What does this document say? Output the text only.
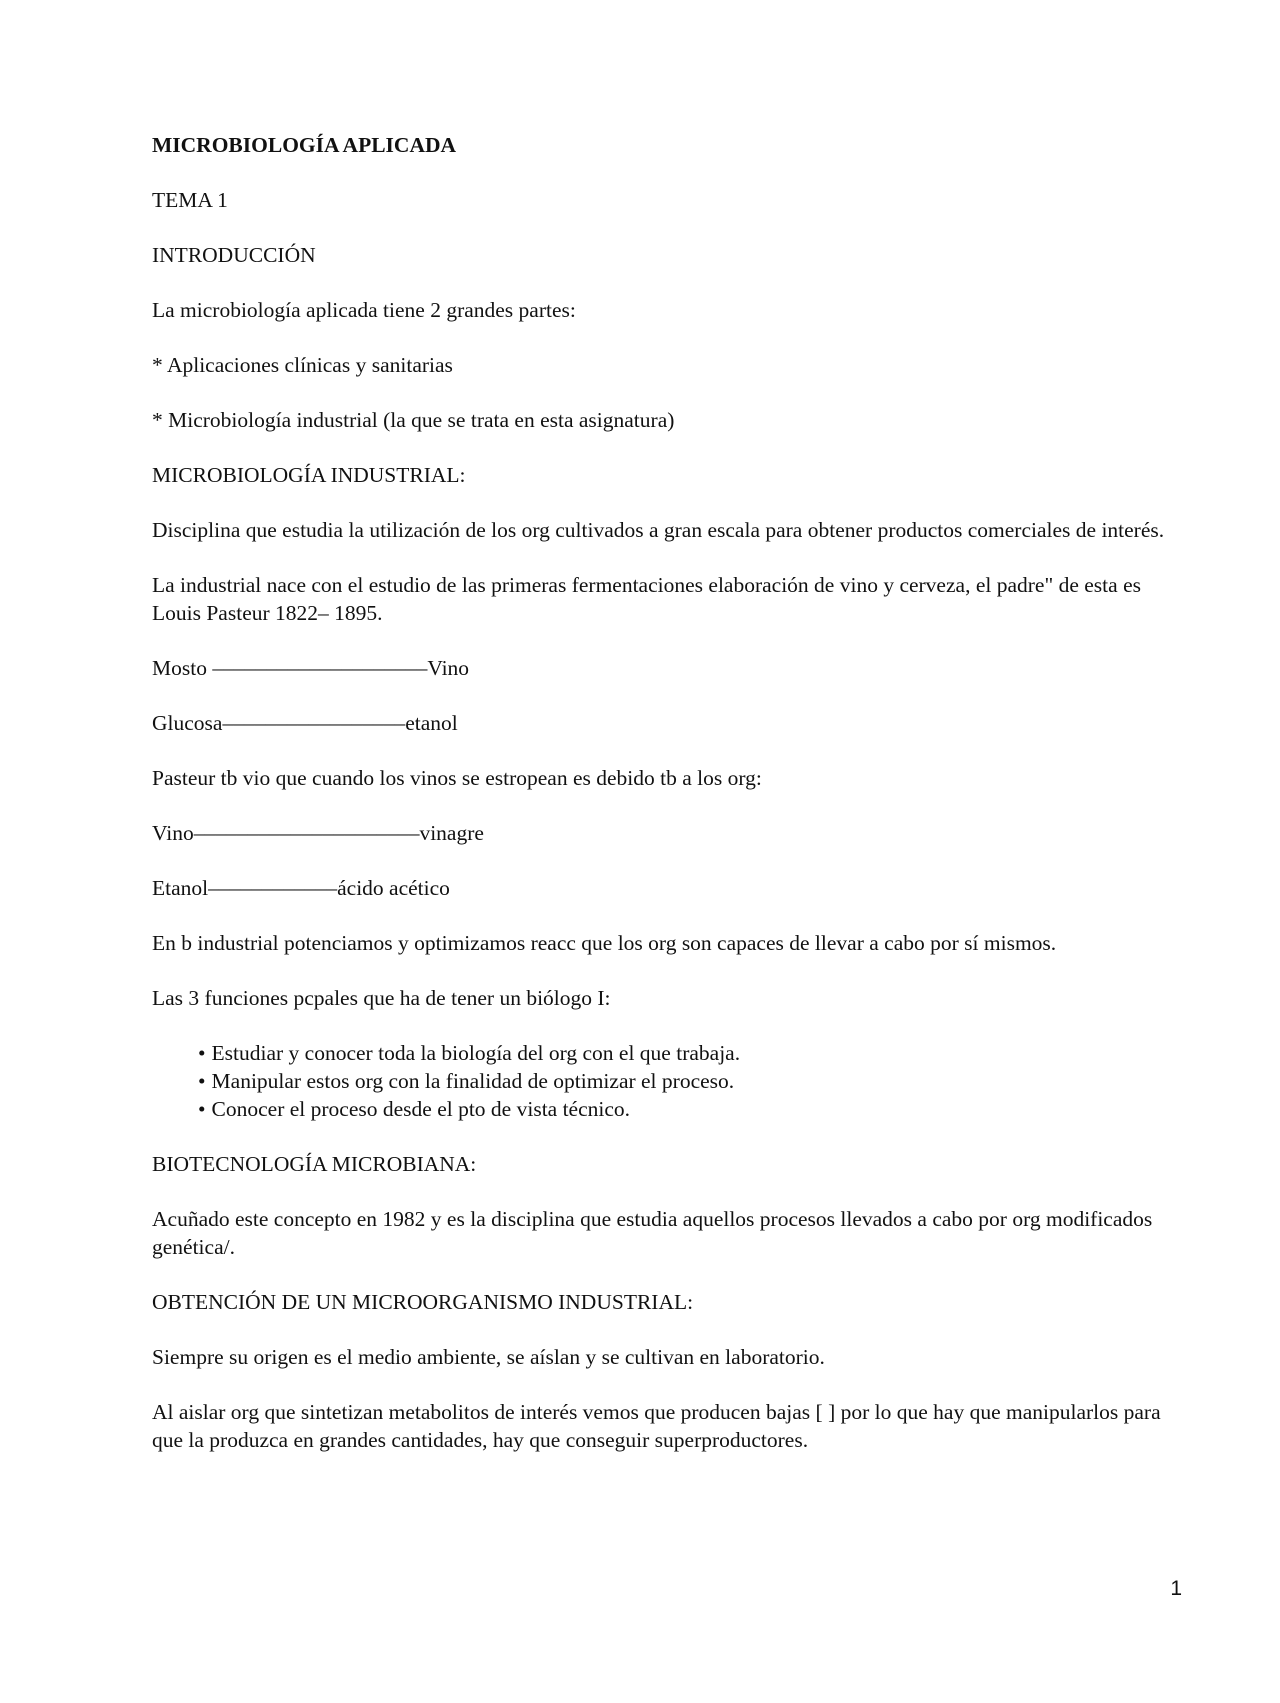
MICROBIOLOGÍA APLICADA

TEMA 1

INTRODUCCIÓN

La microbiología aplicada tiene 2 grandes partes:

* Aplicaciones clínicas y sanitarias

* Microbiología industrial (la que se trata en esta asignatura)

MICROBIOLOGÍA INDUSTRIAL:

Disciplina que estudia la utilización de los org cultivados a gran escala para obtener productos comerciales de interés.

La industrial nace con el estudio de las primeras fermentaciones elaboración de vino y cerveza, el padre" de esta es Louis Pasteur 1822– 1895.

Mosto ––––––––––––––––––––Vino

Glucosa–––––––––––––––––etanol

Pasteur tb vio que cuando los vinos se estropean es debido tb a los org:

Vino–––––––––––––––––––––vinagre

Etanol––––––––––––ácido acético

En b industrial potenciamos y optimizamos reacc que los org son capaces de llevar a cabo por sí mismos.

Las 3 funciones pcpales que ha de tener un biólogo I:

• Estudiar y conocer toda la biología del org con el que trabaja.
• Manipular estos org con la finalidad de optimizar el proceso.
• Conocer el proceso desde el pto de vista técnico.

BIOTECNOLOGÍA MICROBIANA:

Acuñado este concepto en 1982 y es la disciplina que estudia aquellos procesos llevados a cabo por org modificados genética/.

OBTENCIÓN DE UN MICROORGANISMO INDUSTRIAL:

Siempre su origen es el medio ambiente, se aíslan y se cultivan en laboratorio.

Al aislar org que sintetizan metabolitos de interés vemos que producen bajas [ ] por lo que hay que manipularlos para que la produzca en grandes cantidades, hay que conseguir superproductores.

1
